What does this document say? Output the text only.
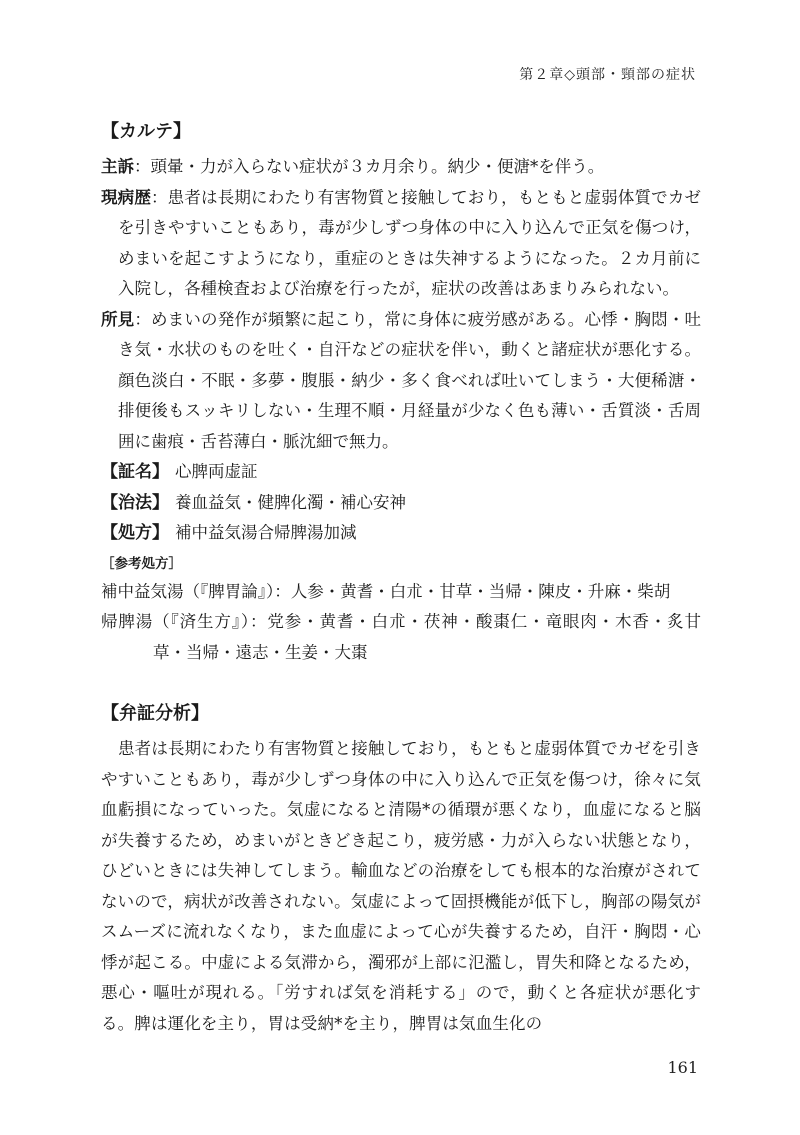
第２章◇頭部・頸部の症状
【カルテ】
主訴：頭暈・力が入らない症状が３カ月余り。納少・便溏*を伴う。
現病歴：患者は長期にわたり有害物質と接触しており，もともと虚弱体質でカゼを引きやすいこともあり，毒が少しずつ身体の中に入り込んで正気を傷つけ，めまいを起こすようになり，重症のときは失神するようになった。２カ月前に入院し，各種検査および治療を行ったが，症状の改善はあまりみられない。
所見：めまいの発作が頻繁に起こり，常に身体に疲労感がある。心悸・胸悶・吐き気・水状のものを吐く・自汗などの症状を伴い，動くと諸症状が悪化する。顔色淡白・不眠・多夢・腹脹・納少・多く食べれば吐いてしまう・大便稀溏・排便後もスッキリしない・生理不順・月経量が少なく色も薄い・舌質淡・舌周囲に歯痕・舌苔薄白・脈沈細で無力。
【証名】 心脾両虚証
【治法】 養血益気・健脾化濁・補心安神
【処方】 補中益気湯合帰脾湯加減
［参考処方］
補中益気湯（『脾胃論』）：人参・黄耆・白朮・甘草・当帰・陳皮・升麻・柴胡
帰脾湯（『済生方』）：党参・黄耆・白朮・茯神・酸棗仁・竜眼肉・木香・炙甘草・当帰・遠志・生姜・大棗
【弁証分析】
患者は長期にわたり有害物質と接触しており，もともと虚弱体質でカゼを引きやすいこともあり，毒が少しずつ身体の中に入り込んで正気を傷つけ，徐々に気血虧損になっていった。気虚になると清陽*の循環が悪くなり，血虚になると脳が失養するため，めまいがときどき起こり，疲労感・力が入らない状態となり，ひどいときには失神してしまう。輸血などの治療をしても根本的な治療がされてないので，病状が改善されない。気虚によって固摂機能が低下し，胸部の陽気がスムーズに流れなくなり，また血虚によって心が失養するため，自汗・胸悶・心悸が起こる。中虚による気滞から，濁邪が上部に氾濫し，胃失和降となるため，悪心・嘔吐が現れる。「労すれば気を消耗する」ので，動くと各症状が悪化する。脾は運化を主り，胃は受納*を主り，脾胃は気血生化の
161
